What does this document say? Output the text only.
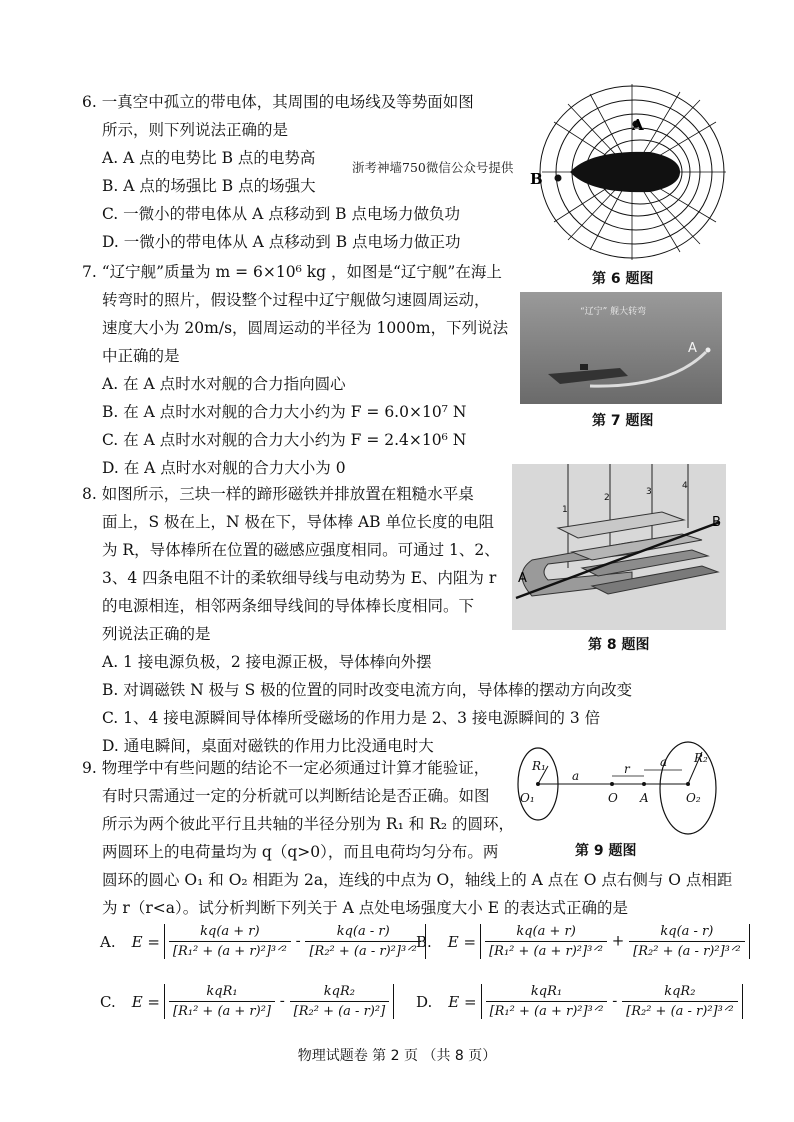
6. 一真空中孤立的带电体，其周围的电场线及等势面如图
所示，则下列说法正确的是
A. A 点的电势比 B 点的电势高
B. A 点的场强比 B 点的场强大
C. 一微小的带电体从 A 点移动到 B 点电场力做负功
D. 一微小的带电体从 A 点移动到 B 点电场力做正功
浙考神墙750微信公众号提供
A
B
第 6 题图
7. “辽宁舰”质量为 m = 6×10⁶ kg ，如图是“辽宁舰”在海上
转弯时的照片，假设整个过程中辽宁舰做匀速圆周运动，
速度大小为 20m/s，圆周运动的半径为 1000m，下列说法
中正确的是
A. 在 A 点时水对舰的合力指向圆心
B. 在 A 点时水对舰的合力大小约为 F = 6.0×10⁷ N
C. 在 A 点时水对舰的合力大小约为 F = 2.4×10⁶ N
D. 在 A 点时水对舰的合力大小为 0
“辽宁” 舰大转弯
A
第 7 题图
8. 如图所示，三块一样的蹄形磁铁并排放置在粗糙水平桌
面上，S 极在上，N 极在下，导体棒 AB 单位长度的电阻
为 R，导体棒所在位置的磁感应强度相同。可通过 1、2、
3、4 四条电阻不计的柔软细导线与电动势为 E、内阻为 r
的电源相连，相邻两条细导线间的导体棒长度相同。下
列说法正确的是
A. 1 接电源负极，2 接电源正极，导体棒向外摆
B. 对调磁铁 N 极与 S 极的位置的同时改变电流方向，导体棒的摆动方向改变
C. 1、4 接电源瞬间导体棒所受磁场的作用力是 2、3 接电源瞬间的 3 倍
D. 通电瞬间，桌面对磁铁的作用力比没通电时大
1
2
3
4
A
B
第 8 题图
9. 物理学中有些问题的结论不一定必须通过计算才能验证，
有时只需通过一定的分析就可以判断结论是否正确。如图
所示为两个彼此平行且共轴的半径分别为 R₁ 和 R₂ 的圆环，
两圆环上的电荷量均为 q（q>0），而且电荷均匀分布。两
圆环的圆心 O₁ 和 O₂ 相距为 2a，连线的中点为 O，轴线上的 A 点在 O 点右侧与 O 点相距
为 r（r<a）。试分析判断下列关于 A 点处电场强度大小 E 的表达式正确的是
R₁
R₂
O₁	O₂
O A
a
a
r
第 9 题图
A. $E = \frac{kq(a + r)}{\text{[R₁² + (a + r)²]³ᐟ²}} - \frac{kq(a - r)}{\text{[R₂² + (a - r)²]³ᐟ²}}$
B. $E = \frac{kq(a + r)}{\text{[R₁² + (a + r)²]³ᐟ²}} + \frac{kq(a - r)}{\text{[R₂² + (a - r)²]³ᐟ²}}$
C. $E = \frac{\text{kqR₁}}{\text{[R₁² + (a + r)²]}} - \frac{\text{kqR₂}}{\text{[R₂² + (a - r)²]}} D$. $E = \frac{\text{kqR₁}}{\text{[R₁² + (a + r)²]³ᐟ²}} - \frac{\text{kqR₂}}{\text{[R₂² + (a - r)²]³ᐟ²}}$
物理试题卷 第 2 页 （共 8 页）
